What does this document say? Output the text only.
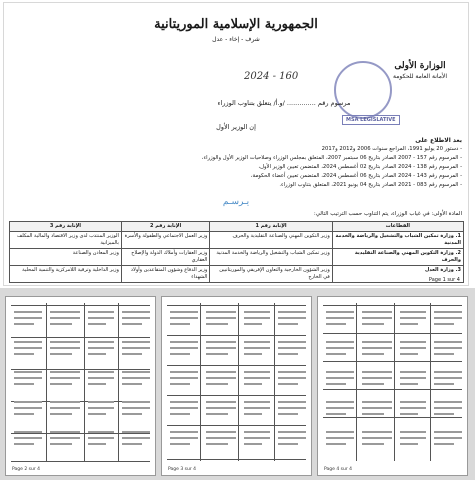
الجمهورية الإسلامية الموريتانية
شرف - إخاء - عدل
الوزارة الأولى
الأمانة العامة للحكومة
MSA LEGISLATIVE
2024 - 160
مرسوم رقم .............. /و.أ/ يتعلق بتناوب الوزراء
إن الوزير الأول
بعد الاطلاع على
- دستور 20 يوليو 1991، المراجع سنوات 2006 و2012 و2017
- المرسوم رقم 157 - 2007 الصادر بتاريخ 06 سبتمبر 2007، المتعلق بمجلس الوزراء وصلاحيات الوزير الأول والوزراء،
- المرسوم رقم 138 - 2024 الصادر بتاريخ 02 أغسطس 2024، المتضمن تعيين الوزير الأول،
- المرسوم رقم 143 - 2024 الصادر بتاريخ 06 أغسطس 2024، المتضمن تعيين أعضاء الحكومة،
- المرسوم رقم 083 - 2021 الصادر بتاريخ 04 يونيو 2021، المتعلق بتناوب الوزراء.
يـرسـم
المادة الأولى: في غياب الوزراء، يتم التناوب حسب الترتيب التالي:
القطاعات	الإنابة رقم 1	الإنابة رقم 2	الإنابة رقم 3
1. وزارة تمكين الشباب والتشغيل والرياضة والخدمة المدنية	وزير التكوين المهني والصناعة التقليدية والحرف	وزير العمل الاجتماعي والطفولة والأسرة	الوزير المنتدب لدى وزير الاقتصاد والمالية المكلف بالميزانية
2. وزارة التكوين المهني والصناعة التقليدية والحرف	وزير تمكين الشباب والتشغيل والرياضة والخدمة المدنية	وزير العقارات وأملاك الدولة والإصلاح العقاري	وزير المعادن والصناعة
3. وزارة العدل	وزير الشؤون الخارجية والتعاون الإفريقي والموريتانيين في الخارج	وزير الدفاع وشؤون المتقاعدين وأولاد الشهداء	وزير الداخلية وترقية اللامركزية والتنمية المحلية
Page 1 sur 4
Page 2 sur 4	Page 3 sur 4	Page 4 sur 4
